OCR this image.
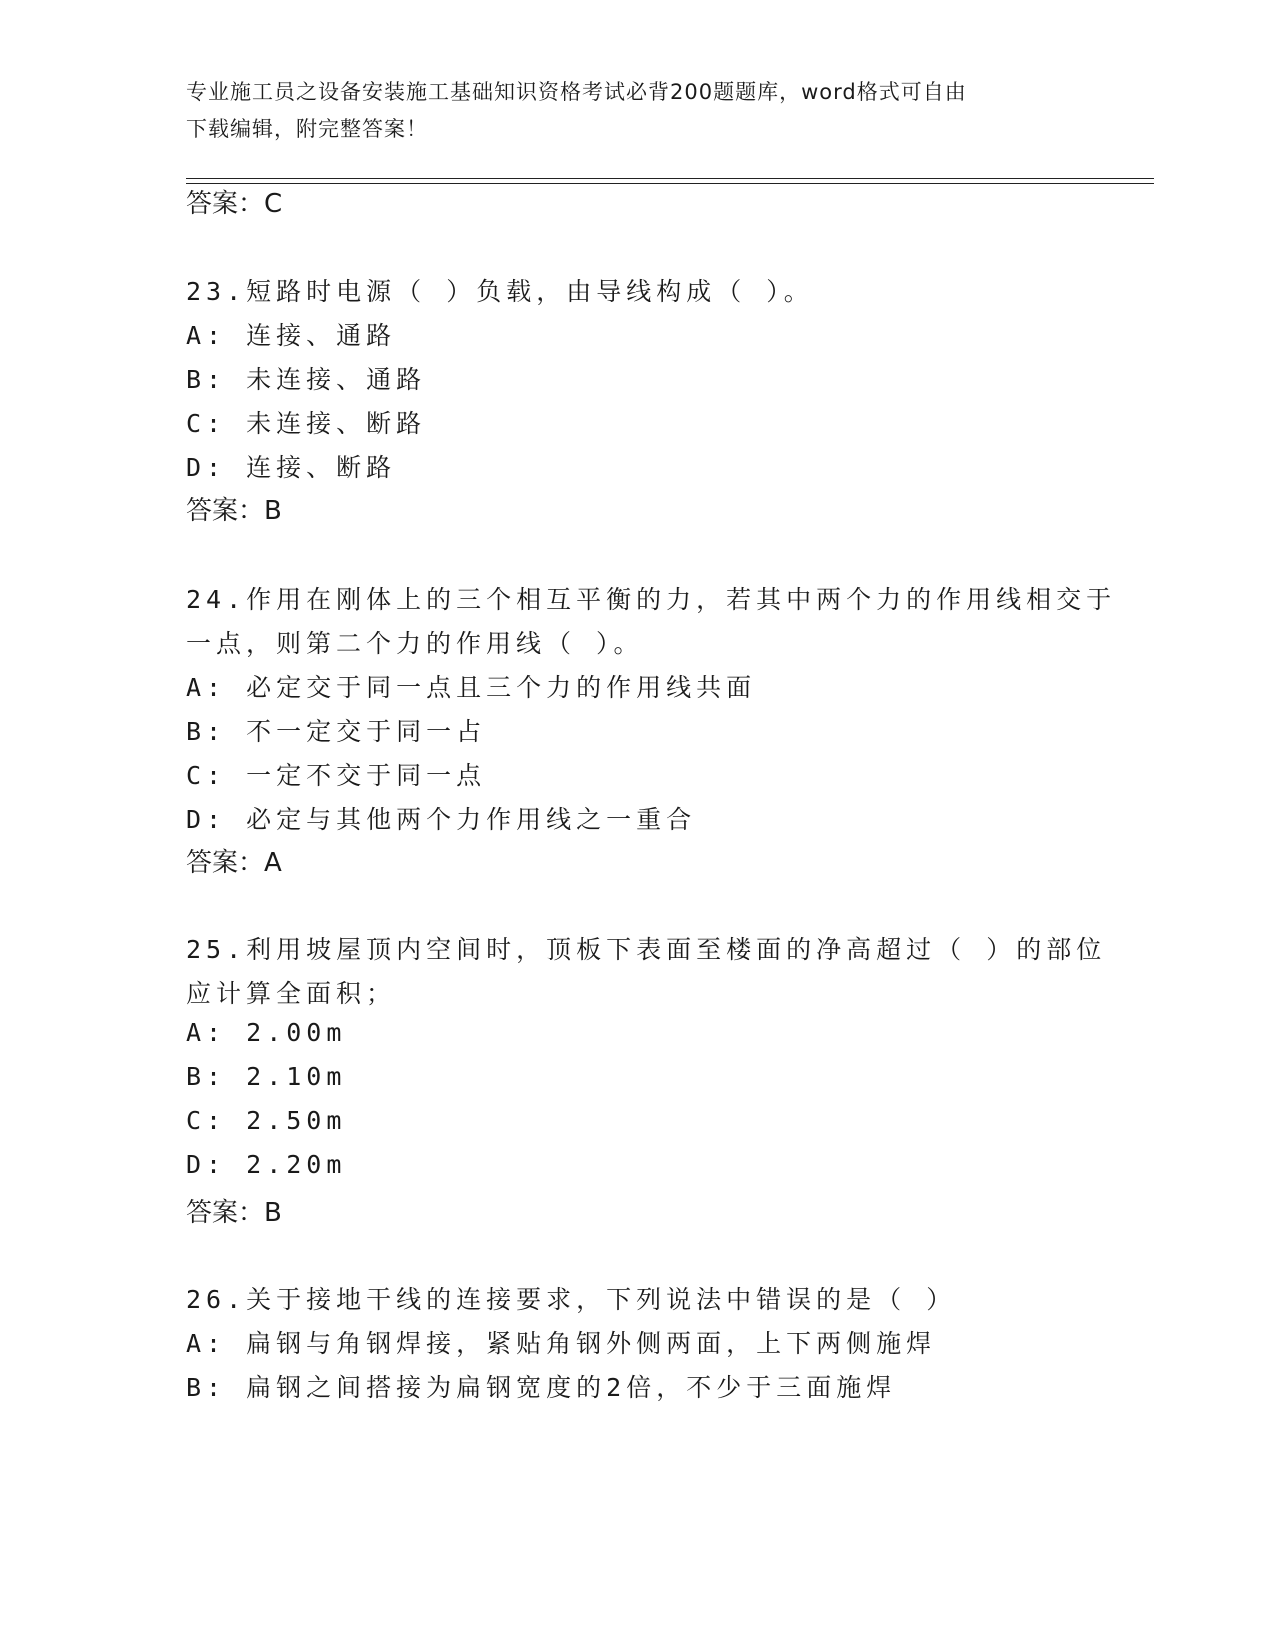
专业施工员之设备安装施工基础知识资格考试必背200题题库，word格式可自由
下载编辑，附完整答案！
答案：C
23.短路时电源（ ）负载，由导线构成（ ）。
A: 连接、通路
B: 未连接、通路
C: 未连接、断路
D: 连接、断路
答案：B
24.作用在刚体上的三个相互平衡的力，若其中两个力的作用线相交于
一点，则第二个力的作用线（ ）。
A: 必定交于同一点且三个力的作用线共面
B: 不一定交于同一占
C: 一定不交于同一点
D: 必定与其他两个力作用线之一重合
答案：A
25.利用坡屋顶内空间时，顶板下表面至楼面的净高超过（ ）的部位
应计算全面积；
A: 2.00m
B: 2.10m
C: 2.50m
D: 2.20m
答案：B
26.关于接地干线的连接要求，下列说法中错误的是（ ）
A: 扁钢与角钢焊接，紧贴角钢外侧两面，上下两侧施焊
B: 扁钢之间搭接为扁钢宽度的2倍，不少于三面施焊
